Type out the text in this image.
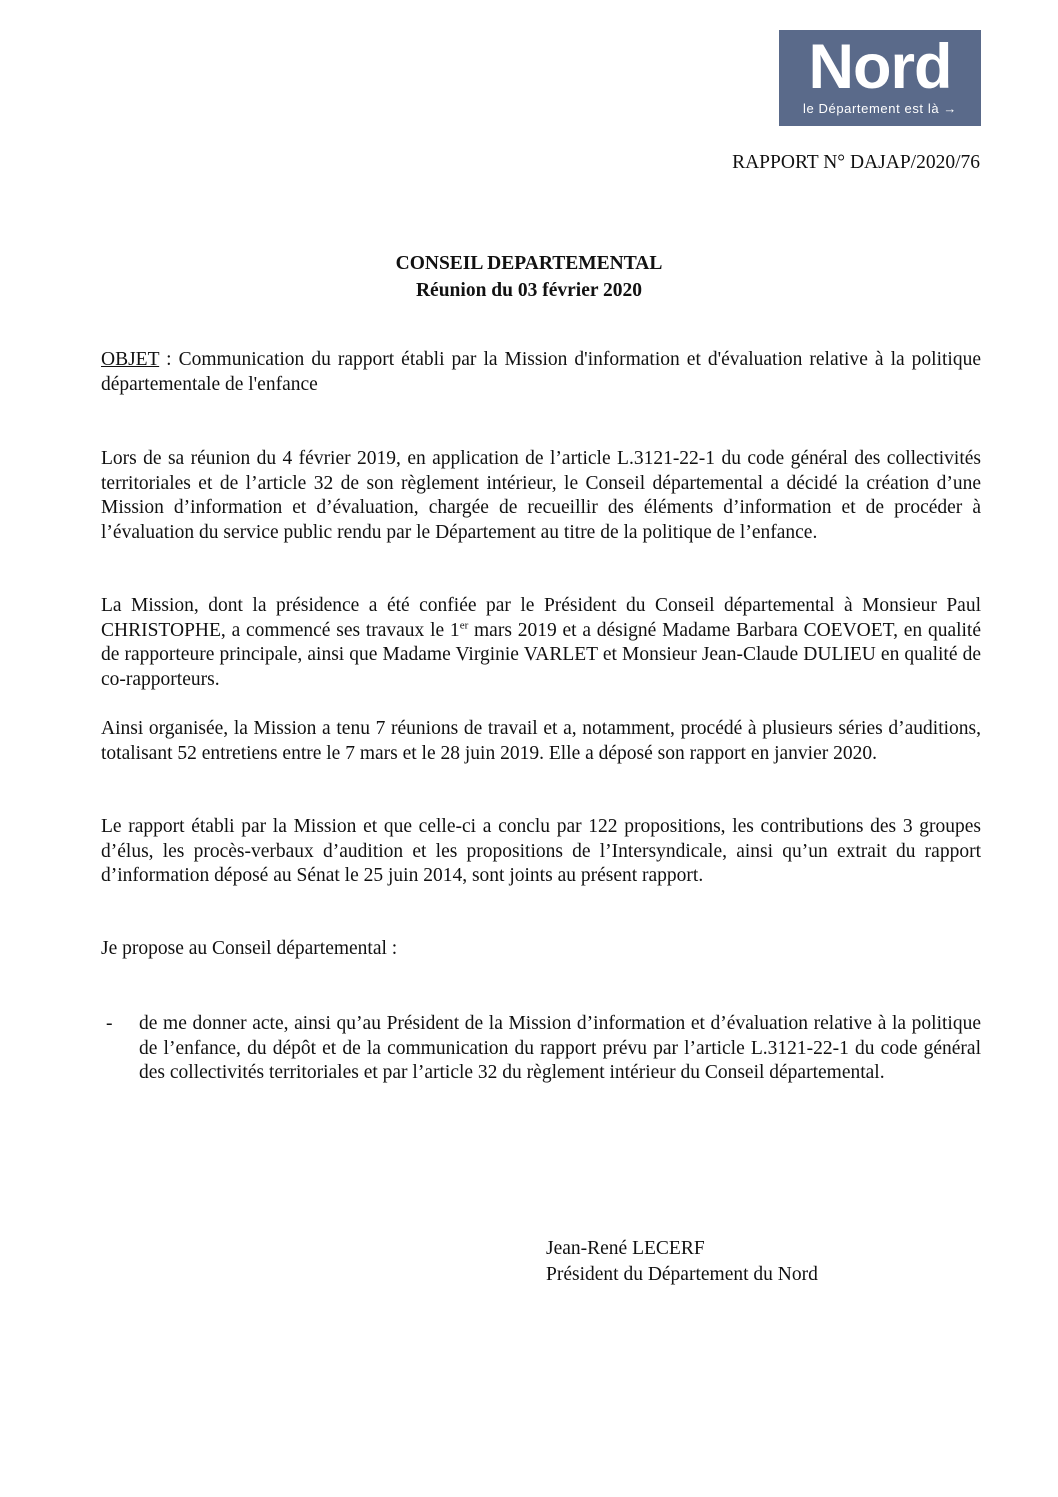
Nord
le Département est là →
RAPPORT N° DAJAP/2020/76
CONSEIL DEPARTEMENTAL
Réunion du 03 février 2020
OBJET : Communication du rapport établi par la Mission d'information et d'évaluation relative à la politique départementale de l'enfance
Lors de sa réunion du 4 février 2019, en application de l’article L.3121-22-1 du code général des collectivités territoriales et de l’article 32 de son règlement intérieur, le Conseil départemental a décidé la création d’une Mission d’information et d’évaluation, chargée de recueillir des éléments d’information et de procéder à l’évaluation du service public rendu par le Département au titre de la politique de l’enfance.
La Mission, dont la présidence a été confiée par le Président du Conseil départemental à Monsieur Paul CHRISTOPHE, a commencé ses travaux le 1er mars 2019 et a désigné Madame Barbara COEVOET, en qualité de rapporteure principale, ainsi que Madame Virginie VARLET et Monsieur Jean-Claude DULIEU en qualité de co-rapporteurs.
Ainsi organisée, la Mission a tenu 7 réunions de travail et a, notamment, procédé à plusieurs séries d’auditions, totalisant 52 entretiens entre le 7 mars et le 28 juin 2019. Elle a déposé son rapport en janvier 2020.
Le rapport établi par la Mission et que celle-ci a conclu par 122 propositions, les contributions des 3 groupes d’élus, les procès-verbaux d’audition et les propositions de l’Intersyndicale, ainsi qu’un extrait du rapport d’information déposé au Sénat le 25 juin 2014, sont joints au présent rapport.
Je propose au Conseil départemental :
- de me donner acte, ainsi qu’au Président de la Mission d’information et d’évaluation relative à la politique de l’enfance, du dépôt et de la communication du rapport prévu par l’article L.3121-22-1 du code général des collectivités territoriales et par l’article 32 du règlement intérieur du Conseil départemental.
Jean-René LECERF
Président du Département du Nord
